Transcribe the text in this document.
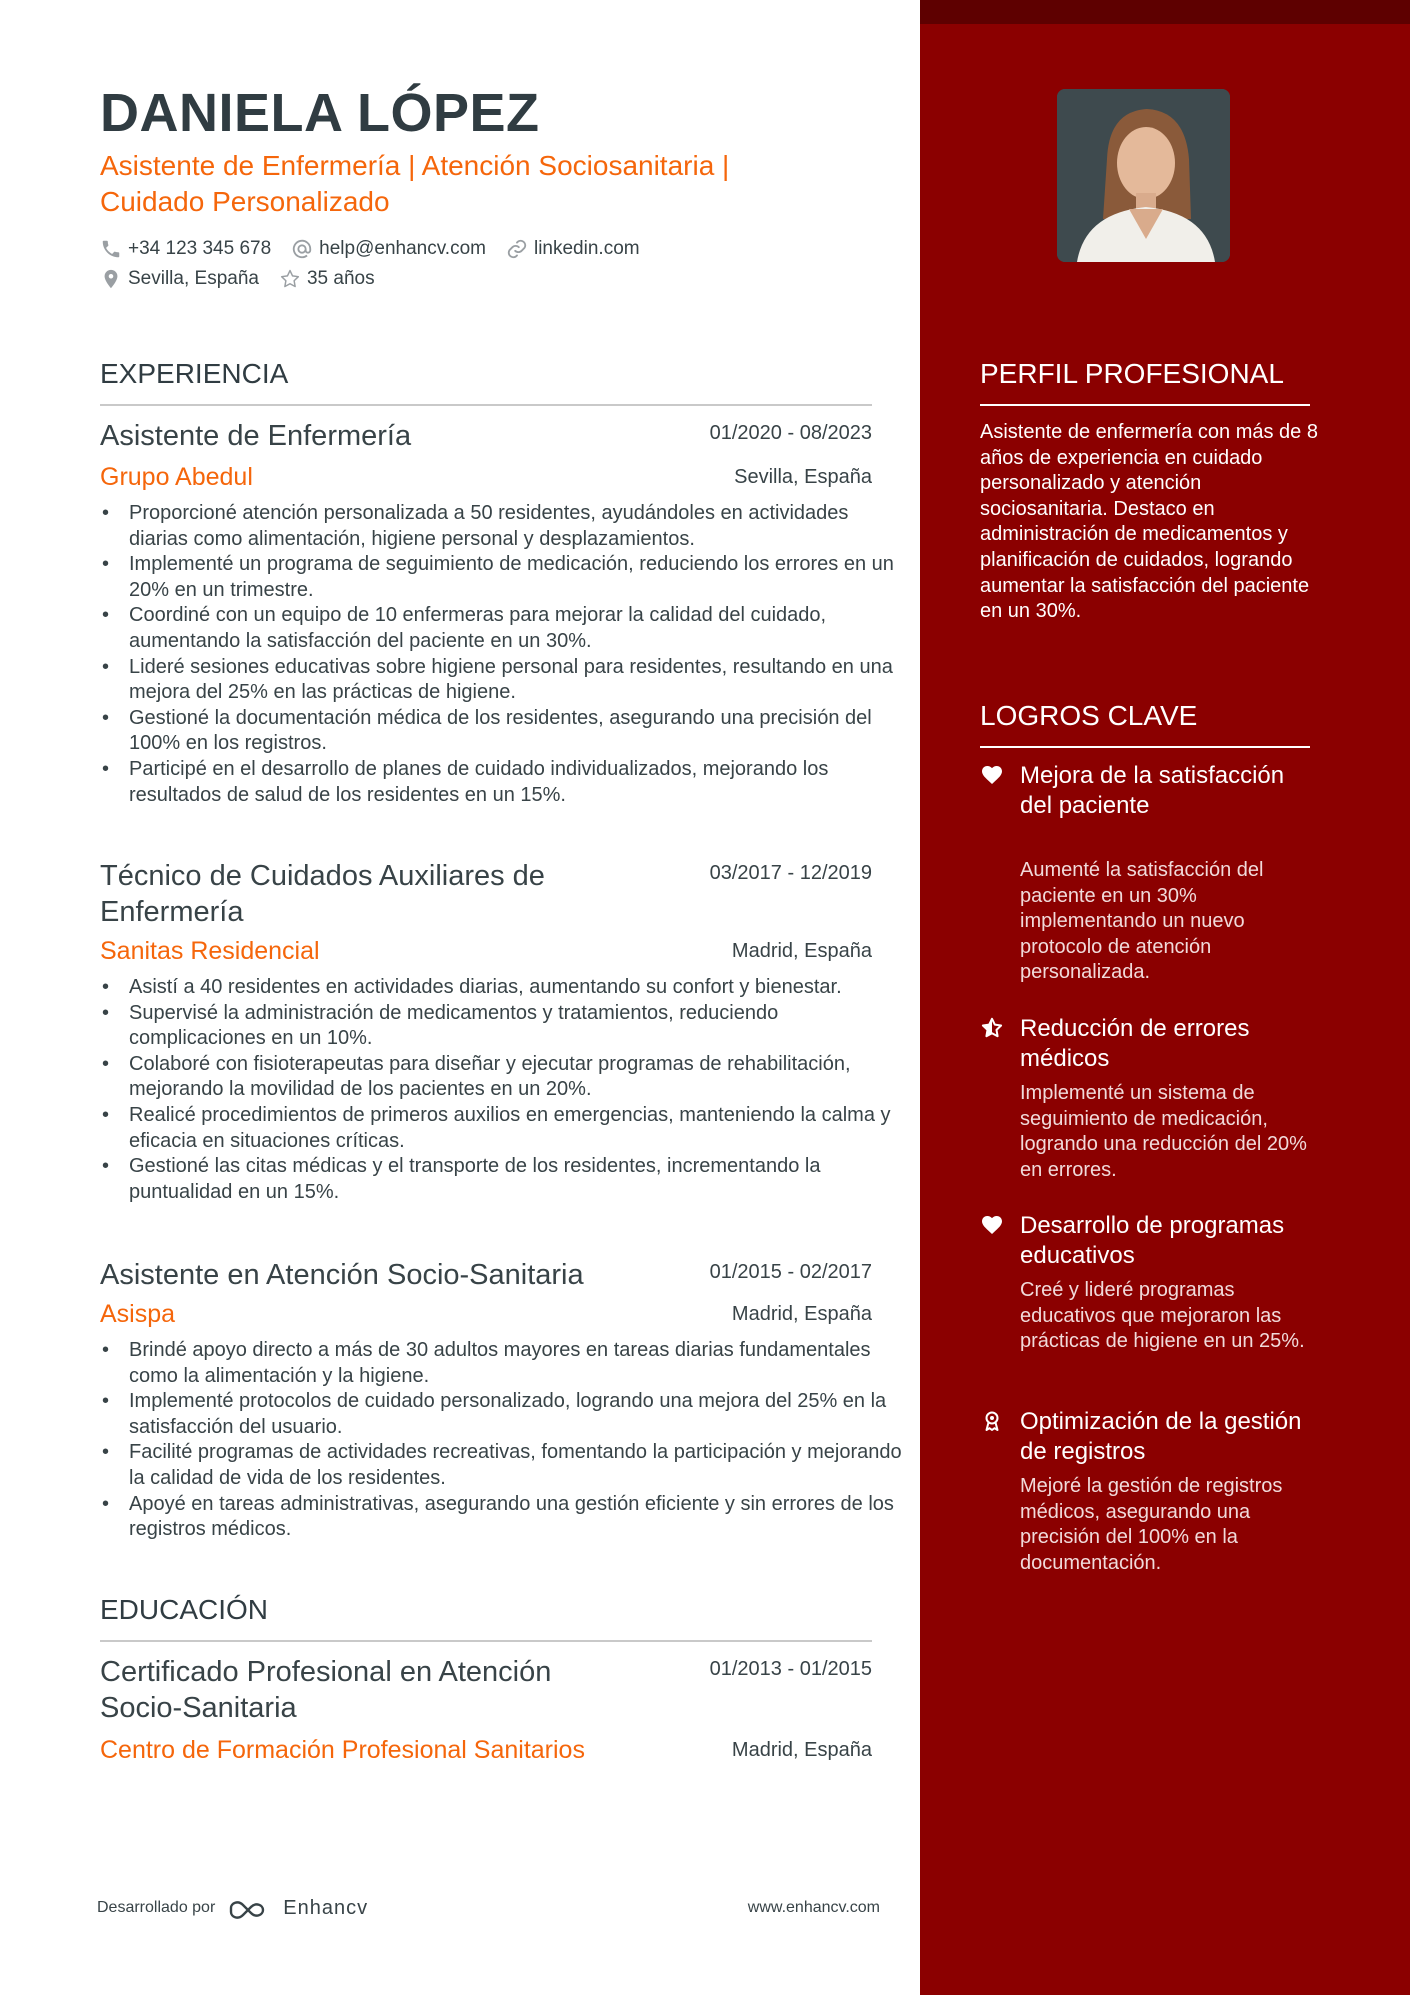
DANIELA LÓPEZ
Asistente de Enfermería | Atención Sociosanitaria | Cuidado Personalizado
+34 123 345 678	help@enhancv.com	linkedin.com
Sevilla, España	35 años
EXPERIENCIA
Asistente de Enfermería	01/2020 - 08/2023
Grupo Abedul	Sevilla, España
• Proporcioné atención personalizada a 50 residentes, ayudándoles en actividades diarias como alimentación, higiene personal y desplazamientos.
• Implementé un programa de seguimiento de medicación, reduciendo los errores en un 20% en un trimestre.
• Coordiné con un equipo de 10 enfermeras para mejorar la calidad del cuidado, aumentando la satisfacción del paciente en un 30%.
• Lideré sesiones educativas sobre higiene personal para residentes, resultando en una mejora del 25% en las prácticas de higiene.
• Gestioné la documentación médica de los residentes, asegurando una precisión del 100% en los registros.
• Participé en el desarrollo de planes de cuidado individualizados, mejorando los resultados de salud de los residentes en un 15%.
Técnico de Cuidados Auxiliares de Enfermería
03/2017 - 12/2019
Sanitas Residencial	Madrid, España
• Asistí a 40 residentes en actividades diarias, aumentando su confort y bienestar.
• Supervisé la administración de medicamentos y tratamientos, reduciendo complicaciones en un 10%.
• Colaboré con fisioterapeutas para diseñar y ejecutar programas de rehabilitación, mejorando la movilidad de los pacientes en un 20%.
• Realicé procedimientos de primeros auxilios en emergencias, manteniendo la calma y eficacia en situaciones críticas.
• Gestioné las citas médicas y el transporte de los residentes, incrementando la puntualidad en un 15%.
Asistente en Atención Socio-Sanitaria	01/2015 - 02/2017
Asispa	Madrid, España
• Brindé apoyo directo a más de 30 adultos mayores en tareas diarias fundamentales como la alimentación y la higiene.
• Implementé protocolos de cuidado personalizado, logrando una mejora del 25% en la satisfacción del usuario.
• Facilité programas de actividades recreativas, fomentando la participación y mejorando la calidad de vida de los residentes.
• Apoyé en tareas administrativas, asegurando una gestión eficiente y sin errores de los registros médicos.
EDUCACIÓN
Certificado Profesional en Atención Socio-Sanitaria
01/2013 - 01/2015
Centro de Formación Profesional Sanitarios	Madrid, España
Desarrollado por	Enhancv	www.enhancv.com
PERFIL PROFESIONAL
Asistente de enfermería con más de 8 años de experiencia en cuidado personalizado y atención sociosanitaria. Destaco en administración de medicamentos y planificación de cuidados, logrando aumentar la satisfacción del paciente en un 30%.
LOGROS CLAVE
Mejora de la satisfacción del paciente
Aumenté la satisfacción del paciente en un 30% implementando un nuevo protocolo de atención personalizada.
Reducción de errores médicos
Implementé un sistema de seguimiento de medicación, logrando una reducción del 20% en errores.
Desarrollo de programas educativos
Creé y lideré programas educativos que mejoraron las prácticas de higiene en un 25%.
Optimización de la gestión de registros
Mejoré la gestión de registros médicos, asegurando una precisión del 100% en la documentación.
